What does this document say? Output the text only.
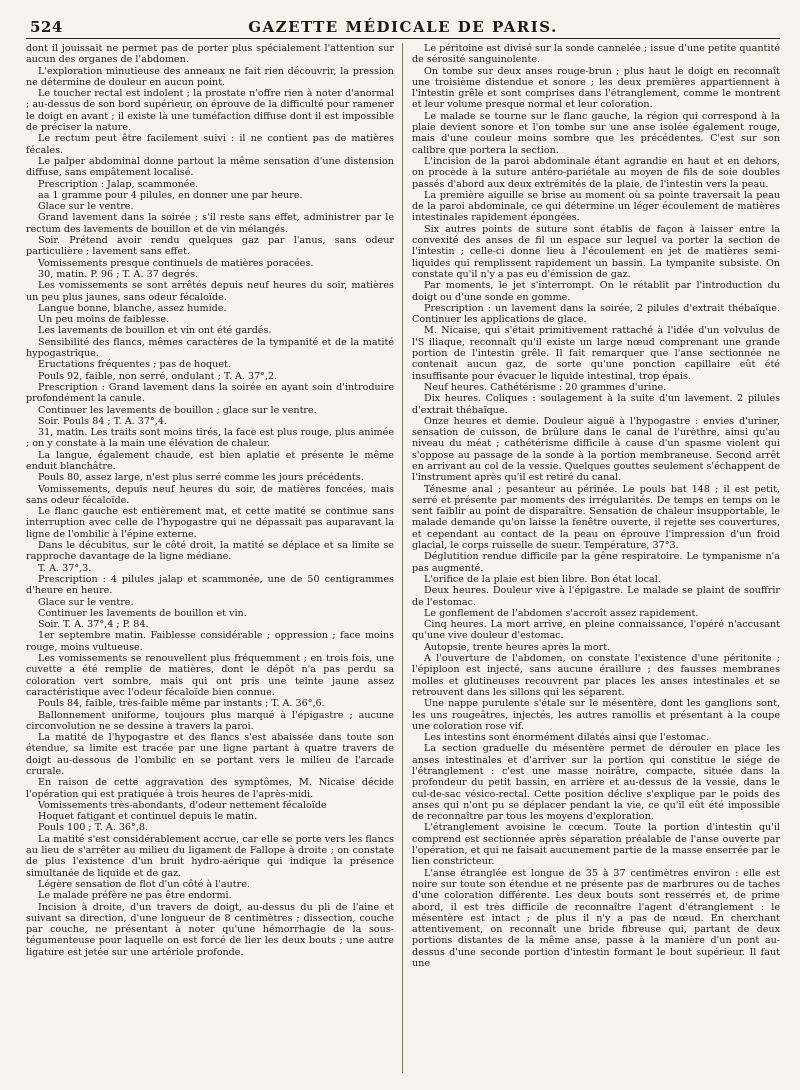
524	GAZETTE MÉDICALE DE PARIS.

dont il jouissait ne permet pas de porter plus spécialement l'attention sur aucun des organes de l'abdomen.

L'exploration minutieuse des anneaux ne fait rien découvrir, la pression ne détermine de douleur en aucun point.

Le toucher rectal est indolent ; la prostate n'offre rien à noter d'anormal ; au-dessus de son bord supérieur, on éprouve de la difficulté pour ramener le doigt en avant ; il existe là une tuméfaction diffuse dont il est impossible de préciser la nature.

Le rectum peut être facilement suivi : il ne contient pas de matières fécales.

Le palper abdominal donne partout la même sensation d'une distension diffuse, sans empâtement localisé.

Prescription : Jalap, scammonée.

aa 1 gramme pour 4 pilules, en donner une par heure.

Glace sur le ventre.

Grand lavement dans la soirée ; s'il reste sans effet, administrer par le rectum des lavements de bouillon et de vin mélangés.

Soir. Prétend avoir rendu quelques gaz par l'anus, sans odeur particulière ; lavement sans effet.

Vomissements presque continuels de matières poracées.

30, matin. P. 96 ; T. A. 37 degrés.

Les vomissements se sont arrêtés depuis neuf heures du soir, matières un peu plus jaunes, sans odeur fécaloïde.

Langue bonne, blanche, assez humide.

Un peu moins de faiblesse.

Les lavements de bouillon et vin ont été gardés.

Sensibilité des flancs, mêmes caractères de la tympanité et de la matité hypogastrique.

Eructations fréquentes ; pas de hoquet.

Pouls 92, faible, non serré, ondulant ; T. A. 37°,2.

Prescription : Grand lavement dans la soirée en ayant soin d'introduire profondément la canule.

Continuer les lavements de bouillon ; glace sur le ventre.

Soir. Pouls 84 ; T. A. 37°,4.

31, matin. Les traits sont moins tirés, la face est plus rouge, plus animée ; on y constate à la main une élévation de chaleur.

La langue, également chaude, est bien aplatie et présente le même enduit blanchâtre.

Pouls 80, assez large, n'est plus serré comme les jours précédents.

Vomissements, depuis neuf heures du soir, de matières foncées, mais sans odeur fécaloïde.

Le flanc gauche est entièrement mat, et cette matité se continue sans interruption avec celle de l'hypogastre qui ne dépassait pas auparavant la ligne de l'ombilic à l'épine externe.

Dans le décubitus, sur le côté droit, la matité se déplace et sa limite se rapproche davantage de la ligne médiane.

T. A. 37°,3.

Prescription : 4 pilules jalap et scammonée, une de 50 centigrammes d'heure en heure.

Glace sur le ventre.

Continuer les lavements de bouillon et vin.

Soir. T. A. 37°,4 ; P. 84.

1er septembre matin. Faiblesse considérable ; oppression ; face moins rouge, moins vultueuse.

Les vomissements se renouvellent plus fréquemment ; en trois fois, une cuvette a été remplie de matières, dont le dépôt n'a pas perdu sa coloration vert sombre, mais qui ont pris une teinte jaune assez caractéristique avec l'odeur fécaloïde bien connue.

Pouls 84, faible, très-faible même par instants ; T. A. 36°,6.

Ballonnement uniforme, toujours plus marqué à l'épigastre ; aucune circonvolution ne se dessine à travers la paroi.

La matité de l'hypogastre et des flancs s'est abaissée dans toute son étendue, sa limite est tracée par une ligne partant à quatre travers de doigt au-dessous de l'ombilic en se portant vers le milieu de l'arcade crurale.

En raison de cette aggravation des symptômes, M. Nicaise décide l'opération qui est pratiquée à trois heures de l'après-midi.

Vomissements très-abondants, d'odeur nettement fécaloïde

Hoquet fatigant et continuel depuis le matin.

Pouls 100 ; T. A. 36°,8.

La matité s'est considérablement accrue, car elle se porte vers les flancs au lieu de s'arrêter au milieu du ligament de Fallope à droite ; on constate de plus l'existence d'un bruit hydro-aérique qui indique la présence simultanée de liquide et de gaz.

Légère sensation de flot d'un côté à l'autre.

Le malade préfère ne pas être endormi.

Incision à droite, d'un travers de doigt, au-dessus du pli de l'aine et suivant sa direction, d'une longueur de 8 centimètres ; dissection, couche par couche, ne présentant à noter qu'une hémorrhagie de la sous-tégumenteuse pour laquelle on est forcé de lier les deux bouts ; une autre ligature est jetée sur une artériole profonde.

Le péritoine est divisé sur la sonde cannelée ; issue d'une petite quantité de sérosité sanguinolente.

On tombe sur deux anses rouge-brun ; plus haut le doigt en reconnaît une troisième distendue et sonore ; les deux premières appartiennent à l'intestin grêle et sont comprises dans l'étranglement, comme le montrent et leur volume presque normal et leur coloration.

Le malade se tourne sur le flanc gauche, la région qui correspond à la plaie devient sonore et l'on tombe sur une anse isolée également rouge, mais d'une couleur moins sombre que les précédentes. C'est sur son calibre que portera la section.

L'incision de la paroi abdominale étant agrandie en haut et en dehors, on procède à la suture antéro-pariétale au moyen de fils de soie doubles passés d'abord aux deux extrémités de la plaie, de l'intestin vers la peau.

La première aiguille se brise au moment où sa pointe traversait la peau de la paroi abdominale, ce qui détermine un léger écoulement de matières intestinales rapidement épongées.

Six autres points de suture sont établis de façon à laisser entre la convexité des anses de fil un espace sur lequel va porter la section de l'intestin ; celle-ci donne lieu à l'écoulement en jet de matières semi-liquides qui remplissent rapidement un bassin. La tympanite subsiste. On constate qu'il n'y a pas eu d'émission de gaz.

Par moments, le jet s'interrompt. On le rétablit par l'introduction du doigt ou d'une sonde en gomme.

Prescription : un lavement dans la soirée, 2 pilules d'extrait thébaïque. Continuer les applications de glace.

M. Nicaise, qui s'était primitivement rattaché à l'idée d'un volvulus de l'S iliaque, reconnaît qu'il existe un large nœud comprenant une grande portion de l'intestin grêle. Il fait remarquer que l'anse sectionnée ne contenait aucun gaz, de sorte qu'une ponction capillaire eût été insuffisante pour évacuer le liquide intestinal, trop épais.

Neuf heures. Cathétérisme : 20 grammes d'urine.

Dix heures. Coliques : soulagement à la suite d'un lavement. 2 pilules d'extrait thébaïque.

Onze heures et demie. Douleur aiguë à l'hypogastre : envies d'uriner, sensation de cuisson, de brûlure dans le canal de l'urèthre, ainsi qu'au niveau du méat ; cathétérisme difficile à cause d'un spasme violent qui s'oppose au passage de la sonde à la portion membraneuse. Second arrêt en arrivant au col de la vessie. Quelques gouttes seulement s'échappent de l'instrument après qu'il est retiré du canal.

Ténesme anal ; pesanteur au périnée. Le pouls bat 148 ; il est petit, serré et présente par moments des irrégularités. De temps en temps on le sent faiblir au point de disparaître. Sensation de chaleur insupportable, le malade demande qu'on laisse la fenêtre ouverte, il rejette ses couvertures, et cependant au contact de la peau on éprouve l'impression d'un froid glacial, le corps ruisselle de sueur. Température, 37°3.

Déglutition rendue difficile par la gêne respiratoire. Le tympanisme n'a pas augmenté.

L'orifice de la plaie est bien libre. Bon état local.

Deux heures. Douleur vive à l'épigastre. Le malade se plaint de souffrir de l'estomac.

Le gonflement de l'abdomen s'accroît assez rapidement.

Cinq heures. La mort arrive, en pleine connaissance, l'opéré n'accusant qu'une vive douleur d'estomac.

Autopsie, trente heures après la mort.

A l'ouverture de l'abdomen, on constate l'existence d'une péritonite ; l'épiploon est injecté, sans aucune éraillure ; des fausses membranes molles et glutineuses recouvrent par places les anses intestinales et se retrouvent dans les sillons qui les séparent.

Une nappe purulente s'étale sur le mésentère, dont les ganglions sont, les uns rougeâtres, injectés, les autres ramollis et présentant à la coupe une coloration rose vif.

Les intestins sont énormément dilatés ainsi que l'estomac.

La section graduelle du mésentère permet de dérouler en place les anses intestinales et d'arriver sur la portion qui constitue le siége de l'étranglement : c'est une masse noirâtre, compacte, située dans la profondeur du petit bassin, en arrière et au-dessus de la vessie, dans le cul-de-sac vésico-rectal. Cette position déclive s'explique par le poids des anses qui n'ont pu se déplacer pendant la vie, ce qu'il eût été impossible de reconnaître par tous les moyens d'exploration.

L'étranglement avoisine le cœcum. Toute la portion d'intestin qu'il comprend est sectionnée après séparation préalable de l'anse ouverte par l'opération, et qui ne faisait aucunement partie de la masse enserrée par le lien constricteur.

L'anse étranglée est longue de 35 à 37 centimètres environ : elle est noire sur toute son étendue et ne présente pas de marbrures ou de taches d'une coloration différente. Les deux bouts sont resserrés et, de prime abord, il est très difficile de reconnaître l'agent d'étranglement : le mésentère est intact ; de plus il n'y a pas de nœud. En cherchant attentivement, on reconnaît une bride fibreuse qui, partant de deux portions distantes de la même anse, passe à la manière d'un pont au-dessus d'une seconde portion d'intestin formant le bout supérieur. Il faut une
